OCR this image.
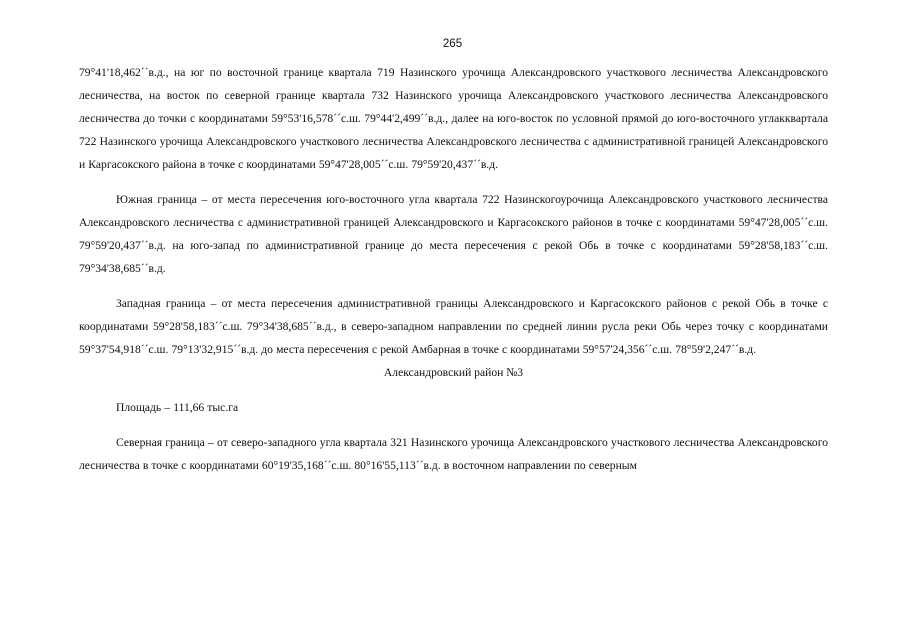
265

79°41'18,462´´в.д., на юг по восточной границе квартала 719 Назинского урочища Александровского участкового лесничества Александровского лесничества, на восток по северной границе квартала 732 Назинского урочища Александровского участкового лесничества Александровского лесничества до точки с координатами 59°53'16,578´´с.ш. 79°44'2,499´´в.д., далее на юго-восток по условной прямой до юго-восточного углакквартала 722 Назинского урочища Александровского участкового лесничества Александровского лесничества с административной границей Александровского и Каргасокского района в точке с координатами 59°47'28,005´´с.ш. 79°59'20,437´´в.д.

Южная граница – от места пересечения юго-восточного угла квартала 722 Назинскогоурочища Александровского участкового лесничества Александровского лесничества с административной границей Александровского и Каргасокского районов в точке с координатами 59°47'28,005´´с.ш. 79°59'20,437´´в.д. на юго-запад по административной границе до места пересечения с рекой Обь в точке с координатами 59°28'58,183´´с.ш. 79°34'38,685´´в.д.

Западная граница – от места пересечения административной границы Александровского и Каргасокского районов с рекой Обь в точке с координатами 59°28'58,183´´с.ш. 79°34'38,685´´в.д., в северо-западном направлении по средней линии русла реки Обь через точку с координатами 59°37'54,918´´с.ш. 79°13'32,915´´в.д. до места пересечения с рекой Амбарная в точке с координатами 59°57'24,356´´с.ш. 78°59'2,247´´в.д.

Александровский район №3

Площадь – 111,66 тыс.га

Северная граница – от северо-западного угла квартала 321 Назинского урочища Александровского участкового лесничества Александровского лесничества в точке с координатами 60°19'35,168´´с.ш. 80°16'55,113´´в.д. в восточном направлении по северным
